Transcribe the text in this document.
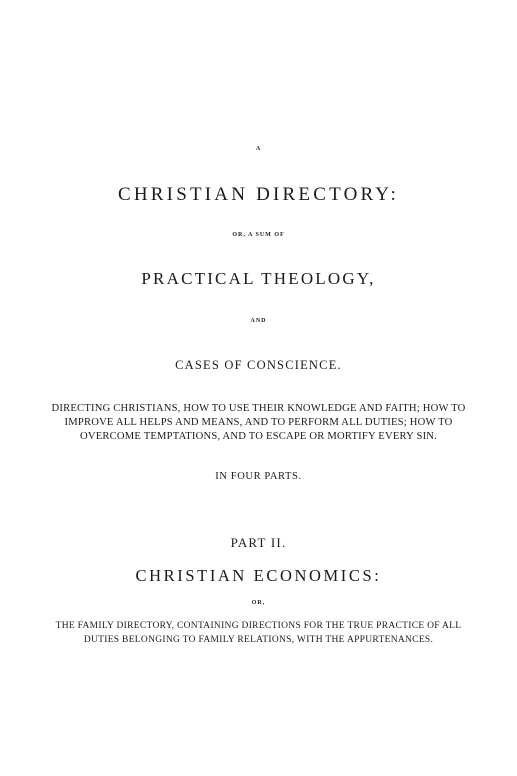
A
CHRISTIAN DIRECTORY:
OR, A SUM OF
PRACTICAL THEOLOGY,
AND
CASES OF CONSCIENCE.
DIRECTING CHRISTIANS, HOW TO USE THEIR KNOWLEDGE AND FAITH; HOW TO
IMPROVE ALL HELPS AND MEANS, AND TO PERFORM ALL DUTIES; HOW TO
OVERCOME TEMPTATIONS, AND TO ESCAPE OR MORTIFY EVERY SIN.
IN FOUR PARTS.
PART II.
CHRISTIAN ECONOMICS:
OR,
THE FAMILY DIRECTORY, CONTAINING DIRECTIONS FOR THE TRUE PRACTICE OF ALL
DUTIES BELONGING TO FAMILY RELATIONS, WITH THE APPURTENANCES.
